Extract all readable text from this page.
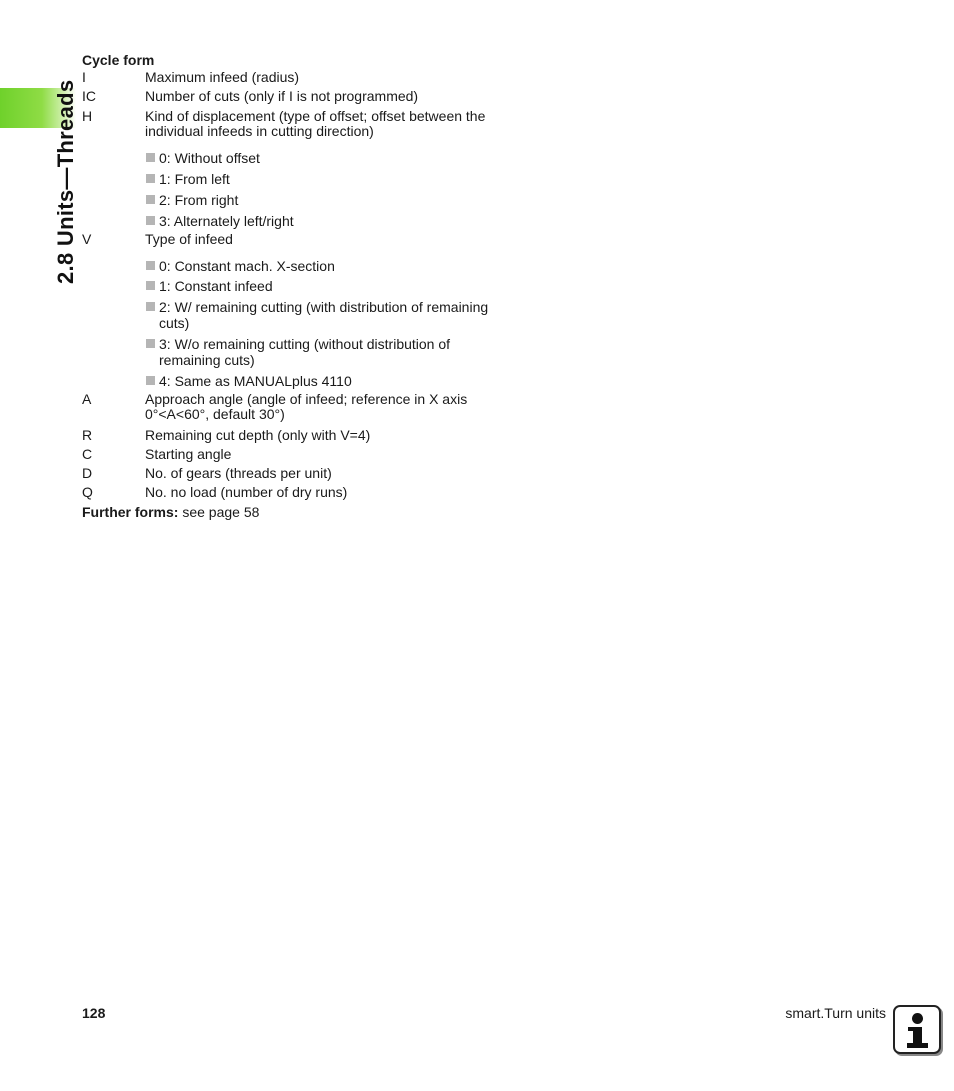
2.8 Units—Threads
Cycle form
I	Maximum infeed (radius)
IC	Number of cuts (only if I is not programmed)
H	Kind of displacement (type of offset; offset between the individual infeeds in cutting direction)
0: Without offset
1: From left
2: From right
3: Alternately left/right
V	Type of infeed
0: Constant mach. X-section
1: Constant infeed
2: W/ remaining cutting (with distribution of remaining cuts)
3: W/o remaining cutting (without distribution of remaining cuts)
4: Same as MANUALplus 4110
A	Approach angle (angle of infeed; reference in X axis 0°<A<60°, default 30°)
R	Remaining cut depth (only with V=4)
C	Starting angle
D	No. of gears (threads per unit)
Q	No. no load (number of dry runs)
Further forms: see page 58
128	smart.Turn units
